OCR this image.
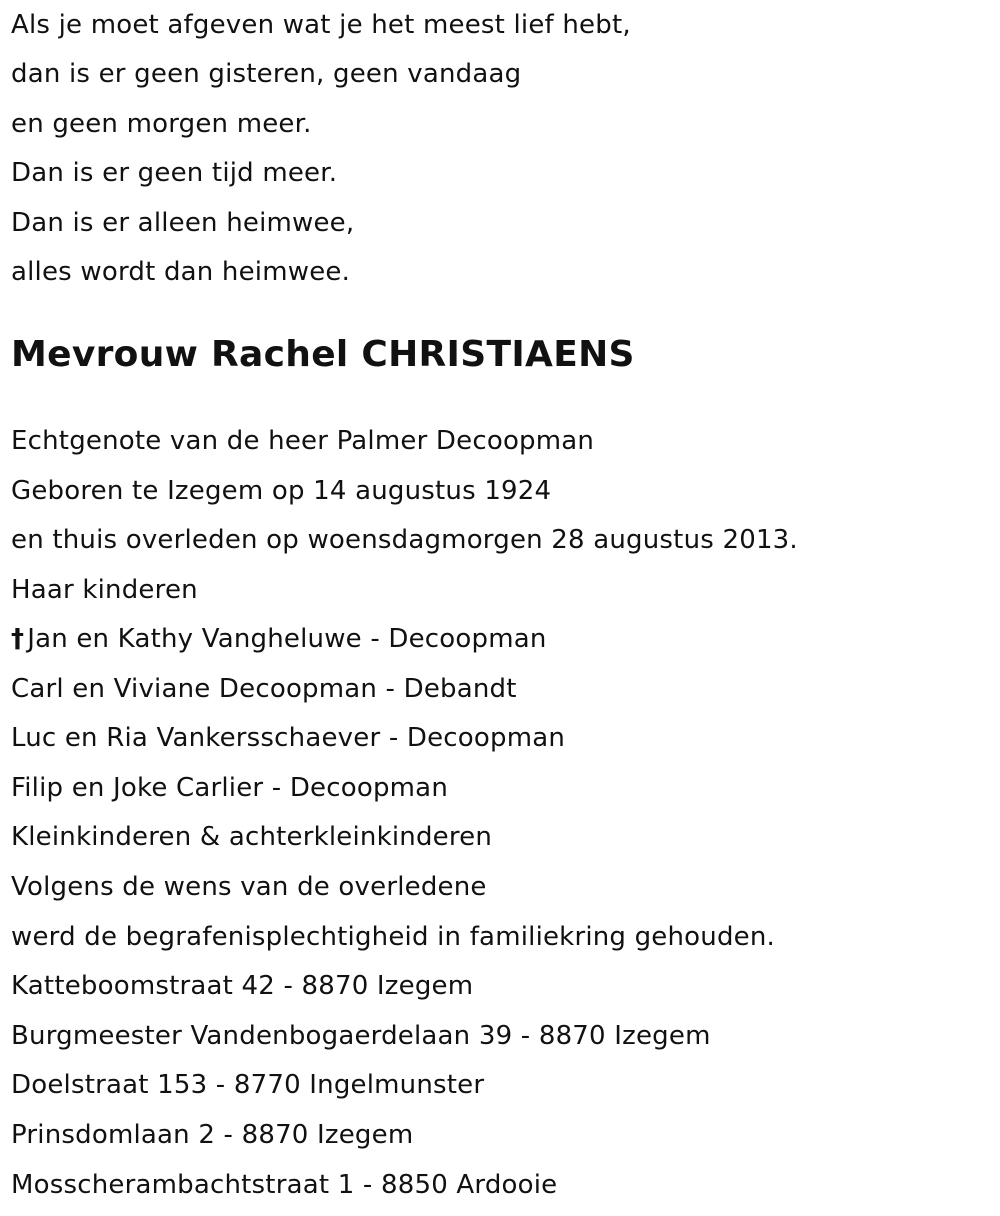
Als je moet afgeven wat je het meest lief hebt,
dan is er geen gisteren, geen vandaag
en geen morgen meer.
Dan is er geen tijd meer.
Dan is er alleen heimwee,
alles wordt dan heimwee.
Mevrouw Rachel CHRISTIAENS
Echtgenote van de heer Palmer Decoopman
Geboren te Izegem op 14 augustus 1924
en thuis overleden op woensdagmorgen 28 augustus 2013.
Haar kinderen
† Jan en Kathy Vangheluwe - Decoopman
Carl en Viviane Decoopman - Debandt
Luc en Ria Vankersschaever - Decoopman
Filip en Joke Carlier - Decoopman
Kleinkinderen & achterkleinkinderen
Volgens de wens van de overledene
werd de begrafenisplechtigheid in familiekring gehouden.
Katteboomstraat 42 - 8870 Izegem
Burgmeester Vandenbogaerdelaan 39 - 8870 Izegem
Doelstraat 153 - 8770 Ingelmunster
Prinsdomlaan 2 - 8870 Izegem
Mosscherambachtstraat 1 - 8850 Ardooie
